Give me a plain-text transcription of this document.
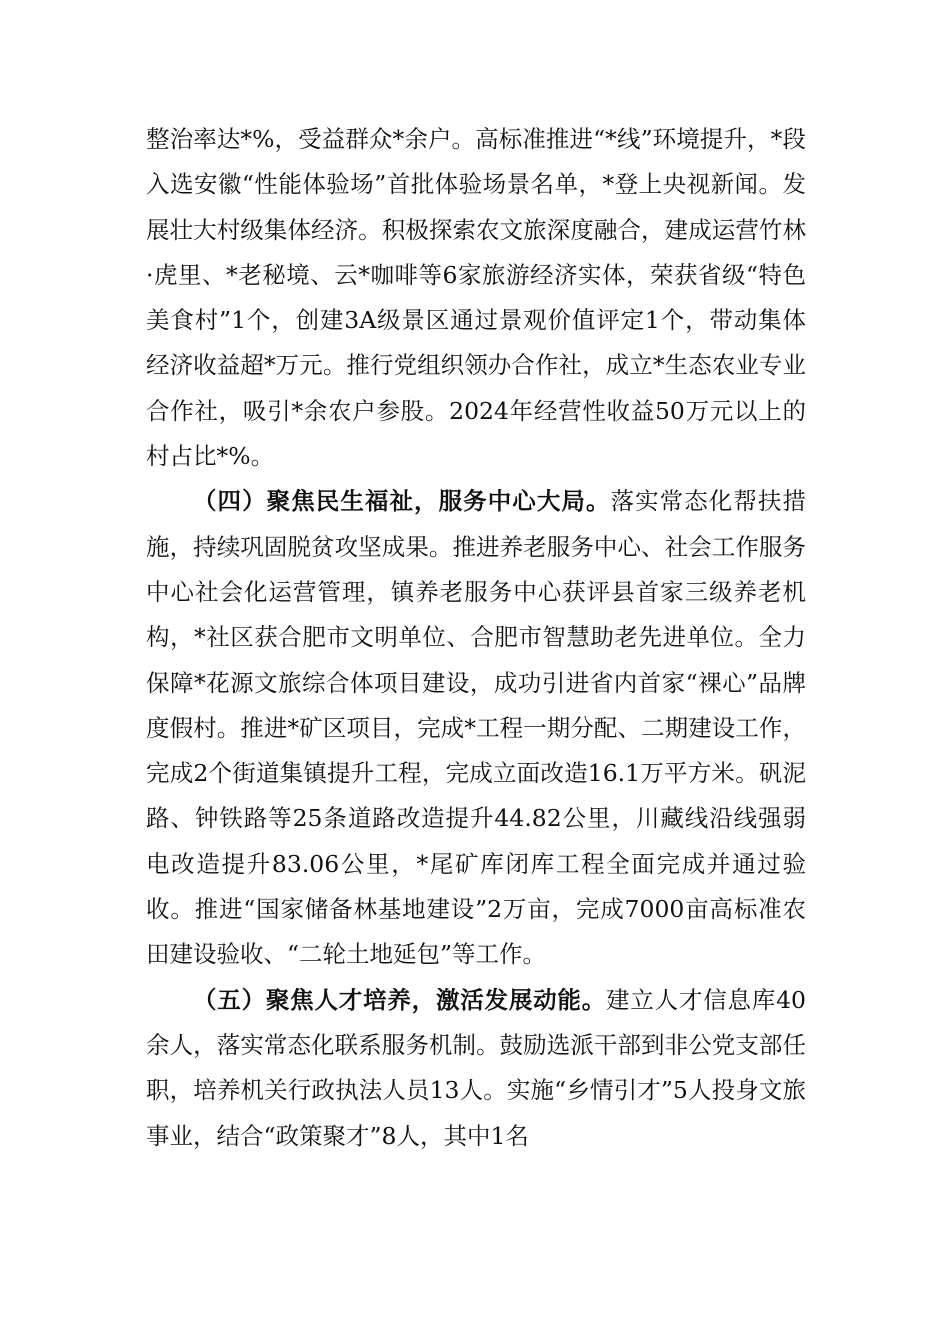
整治率达*%，受益群众*余户。高标准推进“*线”环境提升，*段入选安徽“性能体验场”首批体验场景名单，*登上央视新闻。发展壮大村级集体经济。积极探索农文旅深度融合，建成运营竹林·虎里、*老秘境、云*咖啡等6家旅游经济实体，荣获省级“特色美食村”1个，创建3A级景区通过景观价值评定1个，带动集体经济收益超*万元。推行党组织领办合作社，成立*生态农业专业合作社，吸引*余农户参股。2024年经营性收益50万元以上的村占比*%。

（四）聚焦民生福祉，服务中心大局。落实常态化帮扶措施，持续巩固脱贫攻坚成果。推进养老服务中心、社会工作服务中心社会化运营管理，镇养老服务中心获评县首家三级养老机构，*社区获合肥市文明单位、合肥市智慧助老先进单位。全力保障*花源文旅综合体项目建设，成功引进省内首家“裸心”品牌度假村。推进*矿区项目，完成*工程一期分配、二期建设工作，完成2个街道集镇提升工程，完成立面改造16.1万平方米。矾泥路、钟铁路等25条道路改造提升44.82公里，川藏线沿线强弱电改造提升83.06公里，*尾矿库闭库工程全面完成并通过验收。推进“国家储备林基地建设”2万亩，完成7000亩高标准农田建设验收、“二轮土地延包”等工作。

（五）聚焦人才培养，激活发展动能。建立人才信息库40余人，落实常态化联系服务机制。鼓励选派干部到非公党支部任职，培养机关行政执法人员13人。实施“乡情引才”5人投身文旅事业，结合“政策聚才”8人，其中1名
